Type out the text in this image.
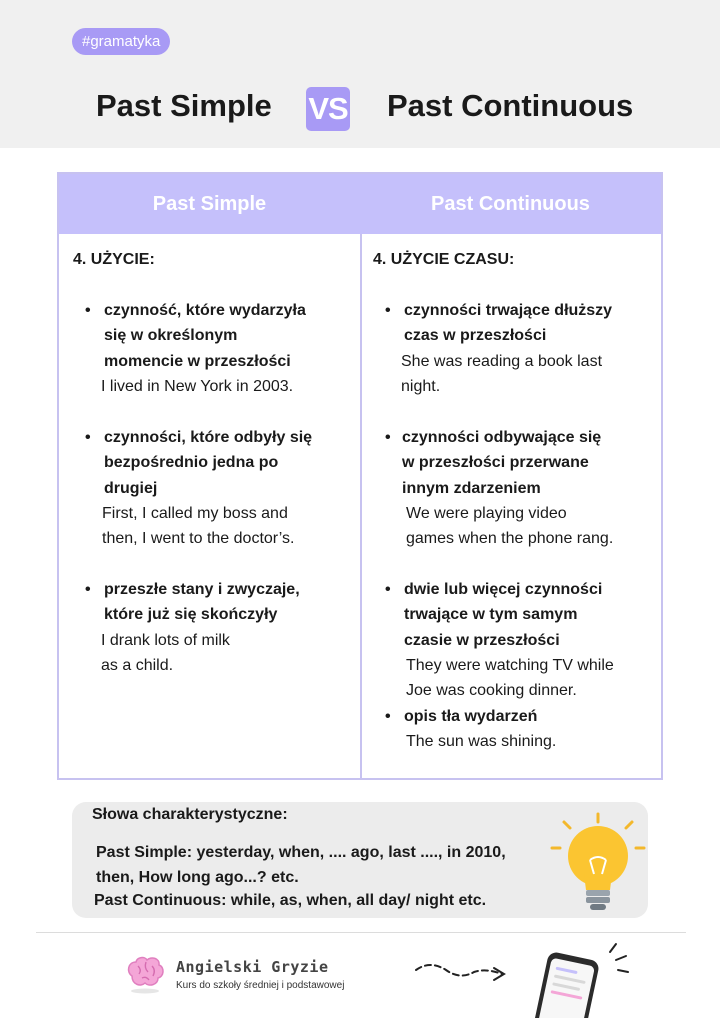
#gramatyka
Past Simple VS Past Continuous
Past Simple	Past Continuous
4. UŻYCIE:
• czynność, które wydarzyła
się w określonym
momencie w przeszłości
I lived in New York in 2003.
• czynności, które odbyły się
bezpośrednio jedna po
drugiej
First, I called my boss and
then, I went to the doctor’s.
• przeszłe stany i zwyczaje,
które już się skończyły
I drank lots of milk
as a child.
4. UŻYCIE CZASU:
• czynności trwające dłuższy
czas w przeszłości
She was reading a book last
night.
• czynności odbywające się
w przeszłości przerwane
innym zdarzeniem
We were playing video
games when the phone rang.
• dwie lub więcej czynności
trwające w tym samym
czasie w przeszłości
They were watching TV while
Joe was cooking dinner.
• opis tła wydarzeń
The sun was shining.
Słowa charakterystyczne:
Past Simple: yesterday, when, .... ago, last ...., in 2010,
then, How long ago...? etc.
Past Continuous: while, as, when, all day/ night etc.
Angielski Gryzie
Kurs do szkoły średniej i podstawowej
